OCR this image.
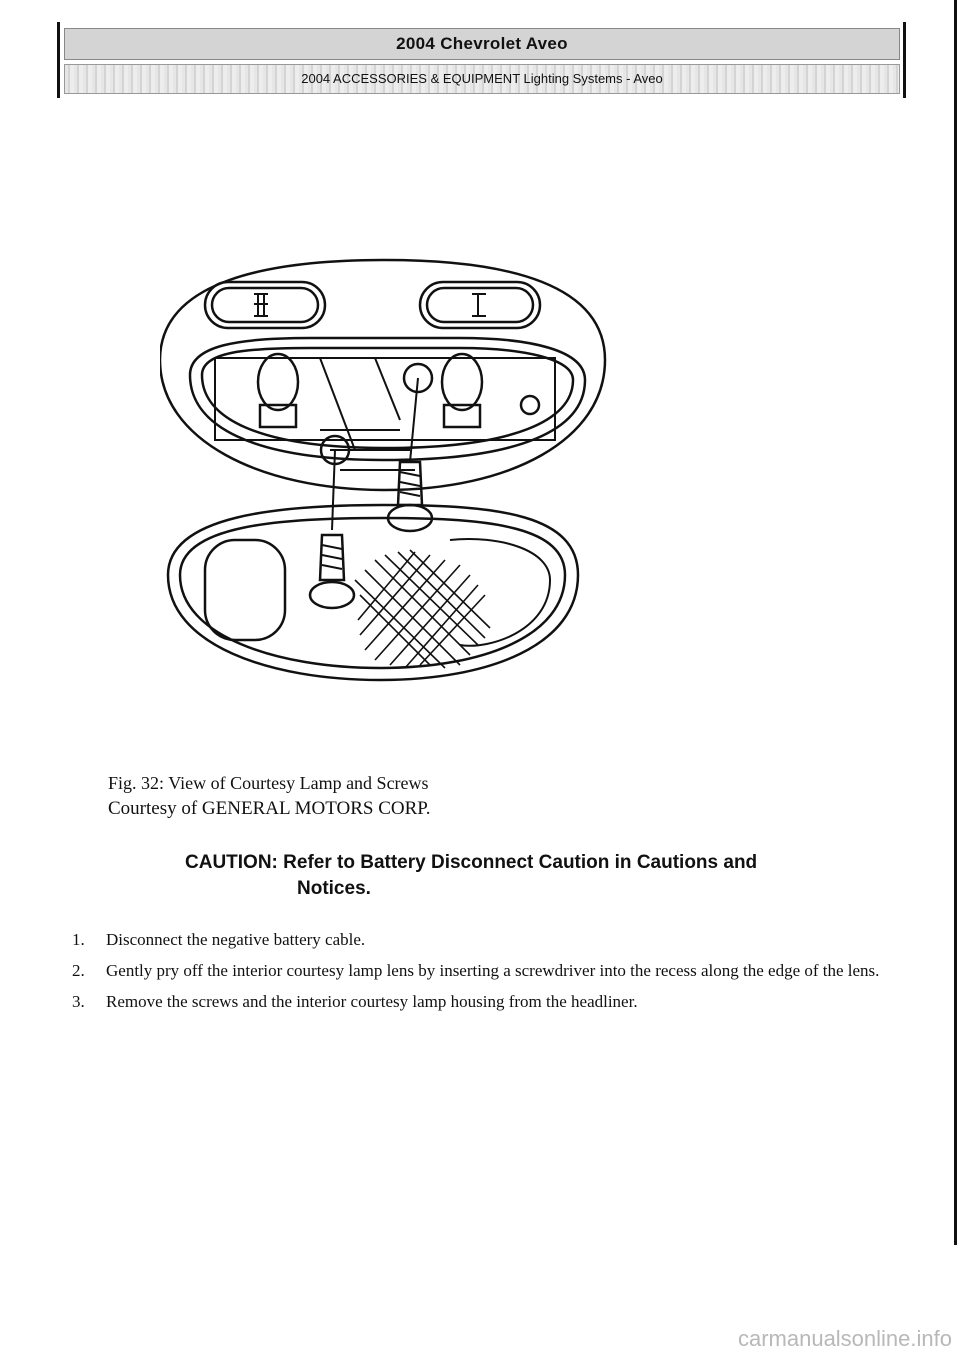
2004 Chevrolet Aveo
2004 ACCESSORIES & EQUIPMENT Lighting Systems - Aveo
Fig. 32: View of Courtesy Lamp and Screws
Courtesy of GENERAL MOTORS CORP.
CAUTION: Refer to Battery Disconnect Caution in Cautions and
Notices.
1.	Disconnect the negative battery cable.
2.	Gently pry off the interior courtesy lamp lens by inserting a screwdriver into the recess along the edge of the lens.
3.	Remove the screws and the interior courtesy lamp housing from the headliner.
carmanualsonline.info
